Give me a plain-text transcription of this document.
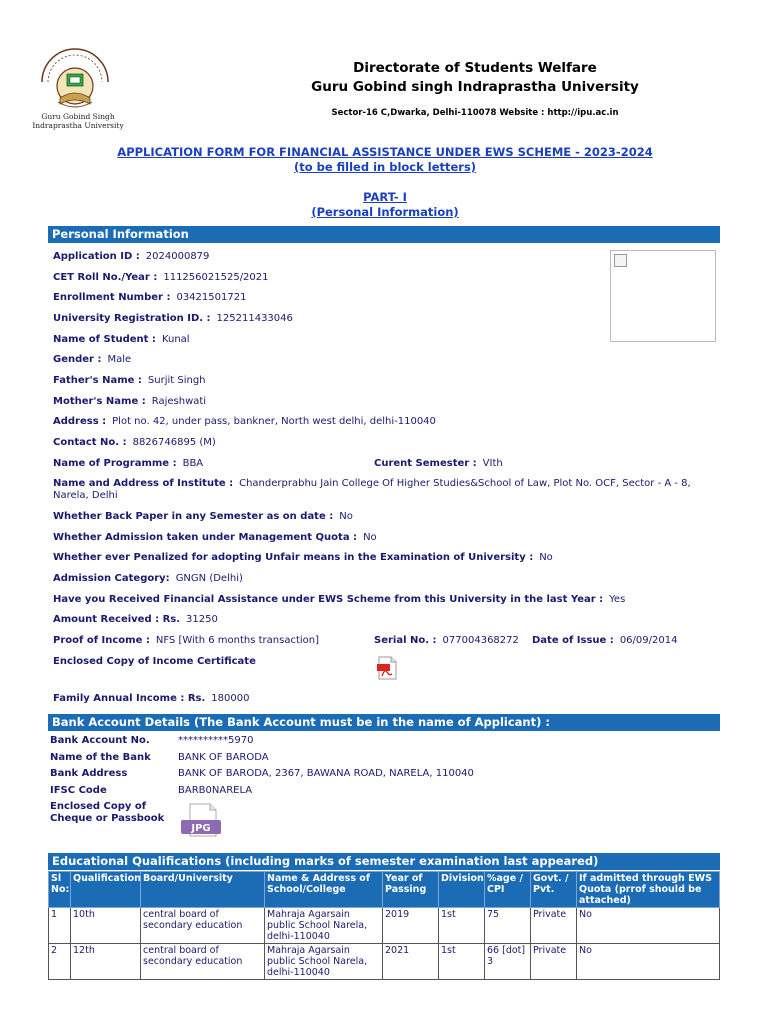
Guru Gobind Singh
Indraprastha University
Directorate of Students Welfare
Guru Gobind singh Indraprastha University
Sector-16 C,Dwarka, Delhi-110078 Website : http://ipu.ac.in
APPLICATION FORM FOR FINANCIAL ASSISTANCE UNDER EWS SCHEME - 2023-2024
(to be filled in block letters)
PART- I
(Personal Information)
Personal Information
Application ID : 2024000879
CET Roll No./Year : 111256021525/2021
Enrollment Number : 03421501721
University Registration ID. : 125211433046
Name of Student : Kunal
Gender : Male
Father's Name : Surjit Singh
Mother's Name : Rajeshwati
Address : Plot no. 42, under pass, bankner, North west delhi, delhi-110040
Contact No. : 8826746895 (M)
Name of Programme : BBA	Curent Semester : VIth
Name and Address of Institute : Chanderprabhu Jain College Of Higher Studies&School of Law, Plot No. OCF, Sector - A - 8, Narela, Delhi
Whether Back Paper in any Semester as on date : No
Whether Admission taken under Management Quota : No
Whether ever Penalized for adopting Unfair means in the Examination of University : No
Admission Category: GNGN (Delhi)
Have you Received Financial Assistance under EWS Scheme from this University in the last Year : Yes
Amount Received : Rs. 31250
Proof of Income : NFS [With 6 months transaction]	Serial No. : 077004368272 Date of Issue : 06/09/2014
Enclosed Copy of Income Certificate
Family Annual Income : Rs. 180000
Bank Account Details (The Bank Account must be in the name of Applicant) :
Bank Account No.	**********5970
Name of the Bank	BANK OF BARODA
Bank Address	BANK OF BARODA, 2367, BAWANA ROAD, NARELA, 110040
IFSC Code	BARB0NARELA
Enclosed Copy of
Cheque or Passbook
JPG
Educational Qualifications (including marks of semester examination last appeared)
Sl No:	Qualification	Board/University	Name & Address of School/College	Year of Passing	Division	%age / CPI	Govt. / Pvt.	If admitted through EWS Quota (prrof should be attached)
1	10th	central board of secondary education	Mahraja Agarsain public School Narela, delhi-110040	2019	1st	75	Private	No
2	12th	central board of secondary education	Mahraja Agarsain public School Narela, delhi-110040	2021	1st	66 [dot] 3	Private	No
